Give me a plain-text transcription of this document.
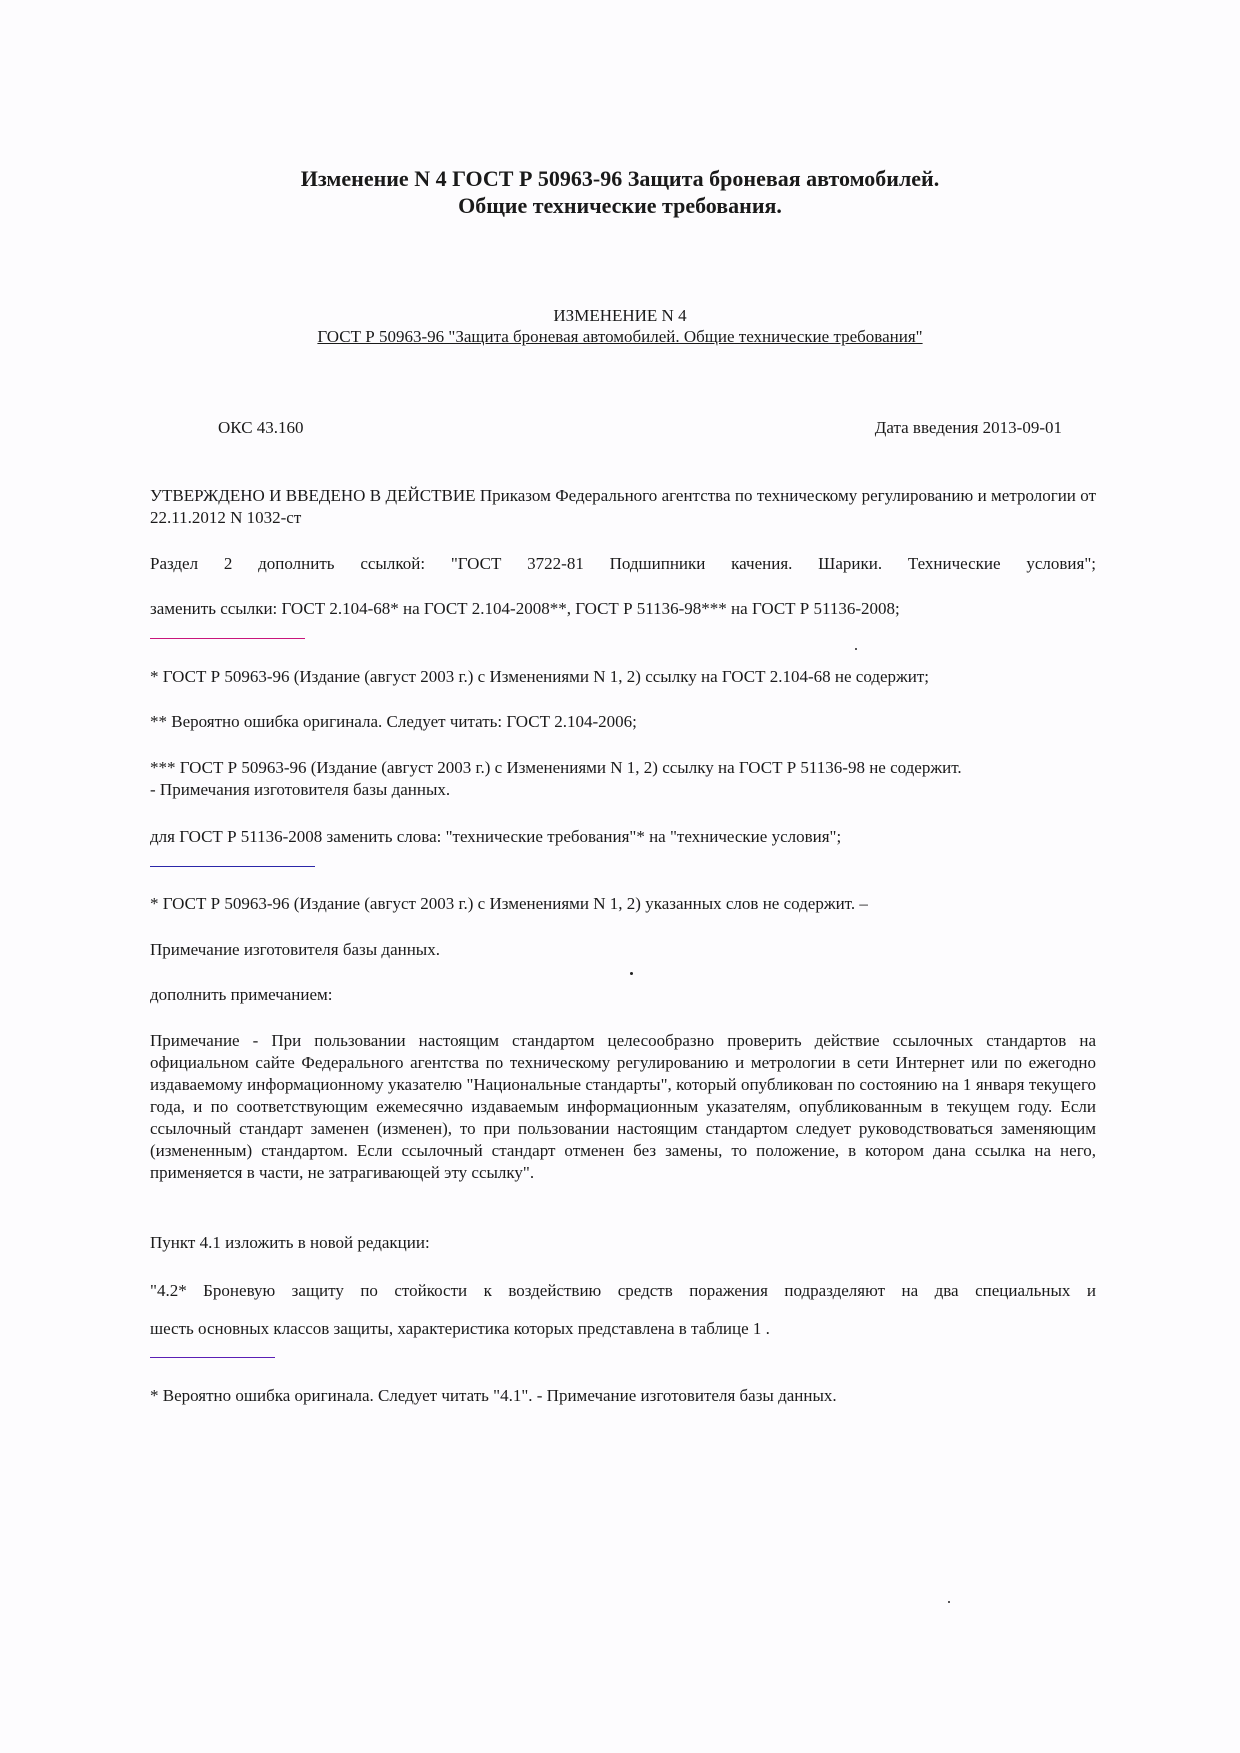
Изменение N 4 ГОСТ Р 50963-96 Защита броневая автомобилей.
Общие технические требования.
ИЗМЕНЕНИЕ N 4
ГОСТ Р 50963-96 "Защита броневая автомобилей. Общие технические требования"
ОКС 43.160	Дата введения 2013-09-01
УТВЕРЖДЕНО И ВВЕДЕНО В ДЕЙСТВИЕ Приказом Федерального агентства по техническому регулированию и метрологии от 22.11.2012 N 1032-ст
Раздел 2 дополнить ссылкой: "ГОСТ 3722-81 Подшипники качения. Шарики. Технические условия";
заменить ссылки: ГОСТ 2.104-68* на ГОСТ 2.104-2008**, ГОСТ Р 51136-98*** на ГОСТ Р 51136-2008;
* ГОСТ Р 50963-96 (Издание (август 2003 г.) с Изменениями N 1, 2) ссылку на ГОСТ 2.104-68 не содержит;
** Вероятно ошибка оригинала. Следует читать: ГОСТ 2.104-2006;
*** ГОСТ Р 50963-96 (Издание (август 2003 г.) с Изменениями N 1, 2) ссылку на ГОСТ Р 51136-98 не содержит.
- Примечания изготовителя базы данных.
для ГОСТ Р 51136-2008 заменить слова: "технические требования"* на "технические условия";
* ГОСТ Р 50963-96 (Издание (август 2003 г.) с Изменениями N 1, 2) указанных слов не содержит. –
Примечание изготовителя базы данных.
дополнить примечанием:
Примечание - При пользовании настоящим стандартом целесообразно проверить действие ссылочных стандартов на официальном сайте Федерального агентства по техническому регулированию и метрологии в сети Интернет или по ежегодно издаваемому информационному указателю "Национальные стандарты", который опубликован по состоянию на 1 января текущего года, и по соответствующим ежемесячно издаваемым информационным указателям, опубликованным в текущем году. Если ссылочный стандарт заменен (изменен), то при пользовании настоящим стандартом следует руководствоваться заменяющим (измененным) стандартом. Если ссылочный стандарт отменен без замены, то положение, в котором дана ссылка на него, применяется в части, не затрагивающей эту ссылку".
Пункт 4.1 изложить в новой редакции:
"4.2* Броневую защиту по стойкости к воздействию средств поражения подразделяют на два специальных и
шесть основных классов защиты, характеристика которых представлена в таблице 1 .
* Вероятно ошибка оригинала. Следует читать "4.1". - Примечание изготовителя базы данных.
